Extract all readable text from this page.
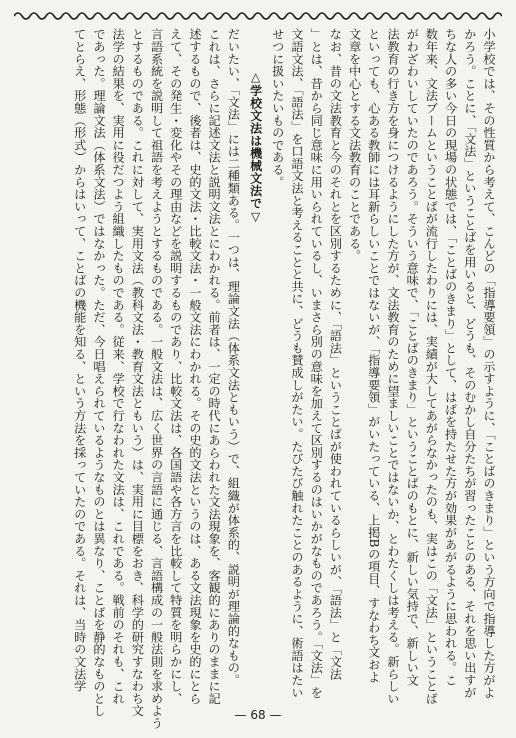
小学校では、その性質から考えて、こんどの「指導要領」の示すように、「ことばのきまり」という方向で指導した方がよ
かろう。ことに、「文法」ということばを用いると、どうも、そのむかし自分たちが習ったことのある、それを思い出すが
ちな人の多い今日の現場の状態では、「ことばのきまり」として、はばを持たせた方が効果があがるように思われる。こ
数年来、文法ブームということばが流行したわりには、実績が大してあがらなかったのも、実はこの「文法」ということば
がわざわいしていたのであろう。そういう意味で、「ことばのきまり」ということばのもとに、新しい気持で、新しい文
法教育の行き方を身につけるようにした方が、文法教育のために望ましいことではないか、とわたくしは考える。新らしい
といっても、心ある教師には耳新らしいことではないが、「指導要領」がいたっている、上掲Bの項目、すなわち文およ
文章を中心とする文法教育のことである。
なお、昔の文法教育と今のそれとを区別するために、「語法」ということばが使われているらしいが、「語法」と「文法
」とは、昔から同じ意味に用いられているし、いまさら別の意味を加えて区別するのはいかがなものであろう。「文法」を
文語文法、「語法」を口語文法と考えることと共に、どうも賛成しがたい。たびたび触れたことのあるように、術語はたい
せつに扱いたいものである。
△学校文法は機械文法で▽
だいたい、「文法」には二種類ある。一つは、理論文法（体系文法ともいう）で、組織が体系的、説明が理論的なもの。
これは、さらに記述文法と説明文法とにわかれる。前者は、一定の時代にあらわれた文法現象を、客観的にありのままに記
述するもので、後者は、史的文法・比較文法・一般文法にわかれる。その史的文法というのは、ある文法現象を史的にとら
えて、その発生・変化やその理由などを説明するものであり、比較文法は、各国語や各方言を比較して特質を明らかにし、
言語系統を説明して祖語を考えようとするものである。一般文法は、広く世界の言語に通じる、言語構成の一般法則を求めよう
とするものである。これに対して、実用文法（教科文法・教育文法ともいう）は、実用に目標をおき、科学的研究すなわち文
法学の結果を、実用に役だつよう組織したものである。従来、学校で行なわれた文法は、これである。戦前のそれも、これ
であった。理論文法（体系文法）ではなかった。ただ、今日唱えられているようなものとは異なり、ことばを静的なものとし
てとらえ、形態（形式）からはいって、ことばの機能を知る、という方法を採っていたのである。それは、当時の文法学
— 68 —
